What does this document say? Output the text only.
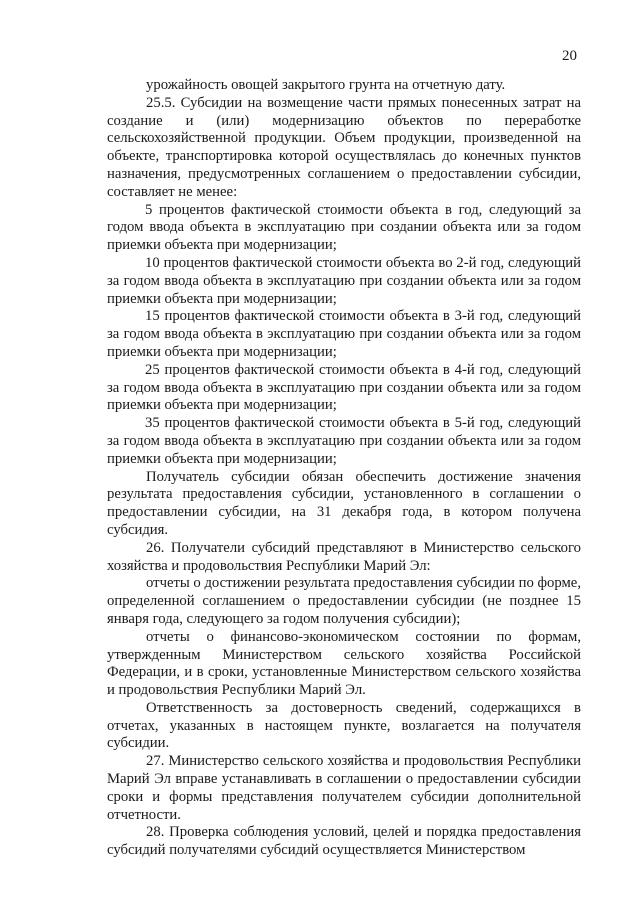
20

урожайность овощей закрытого грунта на отчетную дату.

25.5. Субсидии на возмещение части прямых понесенных затрат на создание и (или) модернизацию объектов по переработке сельскохозяйственной продукции. Объем продукции, произведенной на объекте, транспортировка которой осуществлялась до конечных пунктов назначения, предусмотренных соглашением о предоставлении субсидии, составляет не менее:

5 процентов фактической стоимости объекта в год, следующий за годом ввода объекта в эксплуатацию при создании объекта или за годом приемки объекта при модернизации;

10 процентов фактической стоимости объекта во 2-й год, следующий за годом ввода объекта в эксплуатацию при создании объекта или за годом приемки объекта при модернизации;

15 процентов фактической стоимости объекта в 3-й год, следующий за годом ввода объекта в эксплуатацию при создании объекта или за годом приемки объекта при модернизации;

25 процентов фактической стоимости объекта в 4-й год, следующий за годом ввода объекта в эксплуатацию при создании объекта или за годом приемки объекта при модернизации;

35 процентов фактической стоимости объекта в 5-й год, следующий за годом ввода объекта в эксплуатацию при создании объекта или за годом приемки объекта при модернизации;

Получатель субсидии обязан обеспечить достижение значения результата предоставления субсидии, установленного в соглашении о предоставлении субсидии, на 31 декабря года, в котором получена субсидия.

26. Получатели субсидий представляют в Министерство сельского хозяйства и продовольствия Республики Марий Эл:

отчеты о достижении результата предоставления субсидии по форме, определенной соглашением о предоставлении субсидии (не позднее 15 января года, следующего за годом получения субсидии);

отчеты о финансово-экономическом состоянии по формам, утвержденным Министерством сельского хозяйства Российской Федерации, и в сроки, установленные Министерством сельского хозяйства и продовольствия Республики Марий Эл.

Ответственность за достоверность сведений, содержащихся в отчетах, указанных в настоящем пункте, возлагается на получателя субсидии.

27. Министерство сельского хозяйства и продовольствия Республики Марий Эл вправе устанавливать в соглашении о предоставлении субсидии сроки и формы представления получателем субсидии дополнительной отчетности.

28. Проверка соблюдения условий, целей и порядка предоставления субсидий получателями субсидий осуществляется Министерством
